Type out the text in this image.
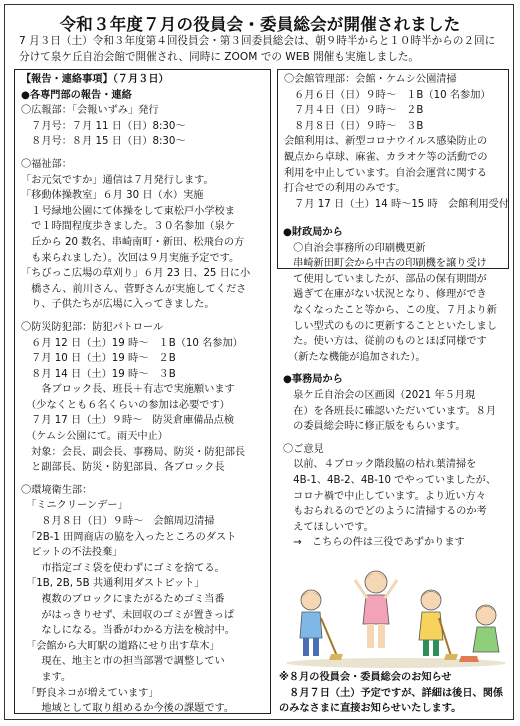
令和３年度７月の役員会・委員総会が開催されました
7 月３日（土）令和３年度第４回役員会・第３回委員総会は、朝９時半からと１０時半からの２回に
分けて泉ケ丘自治会館で開催され、同時に ZOOM での WEB 開催も実施しました。
【報告・連絡事項】（７月３日）
●各専門部の報告・連絡
〇広報部：「会報いずみ」発行
　７月号：７月 11 日（日）8:30～
　８月号：８月 15 日（日）8:30～
〇福祉部：
「お元気ですか」通信は７月発行します。
「移動体操教室」６月 30 日（水）実施
　１号緑地公園にて体操をして東松戸小学校ま
　で１時間程度歩きました。３０名参加（泉ケ
　丘から 20 数名、串崎南町・新田、松飛台の方
　も来られました）。次回は９月実施予定です。
「ちびっこ広場の草刈り」６月 23 日、25 日に小
　橋さん、前川さん、菅野さんが実施してくださ
　り、子供たちが広場に入ってきました。
〇防災防犯部：防犯パトロール
　６月 12 日（土）19 時～　１B（10 名参加）
　７月 10 日（土）19 時～　２B
　８月 14 日（土）19 時～　３B
　　各ブロック長、班長＋有志で実施願います
　（少なくとも６名くらいの参加は必要です）
　７月 17 日（土）９時～　防災倉庫備品点検
　（ケムシ公園にて。雨天中止）
　対象：会長、副会長、事務局、防災・防犯部長
　と副部長、防災・防犯部員、各ブロック長
〇環境衛生部：
　「ミニクリーンデー」
　　８月８日（日）９時～　会館周辺清掃
　「2B-1 田岡商店の脇を入ったところのダスト
　ピットの不法投棄」
　　市指定ゴミ袋を使わずにゴミを捨てる。
　「1B, 2B, 5B 共通利用ダストピット」
　　複数のブロックにまたがるためゴミ当番
　　がはっきりせず、未回収のゴミが置きっぱ
　　なしになる。当番がわかる方法を検討中。
　「会館から大町駅の道路にせり出す草木」
　　現在、地主と市の担当部署で調整してい
　　ます。
　「野良ネコが増えています」
　　地域として取り組めるか今後の課題です。
〇会館管理部：会館・ケムシ公園清掃
　６月６日（日）９時～　１B（10 名参加）
　７月４日（日）９時～　２B
　８月８日（日）９時～　３B
会館利用は、新型コロナウイルス感染防止の
観点から卓球、麻雀、カラオケ等の活動での
利用を中止しています。自治会運営に関する
打合せでの利用のみです。
　７月 17 日（土）14 時～15 時　会館利用受付
●財政局から
　〇自治会事務所の印刷機更新
　串崎新田町会から中古の印刷機を譲り受け
　て使用していましたが、部品の保有期間が
　過ぎて在庫がない状況となり、修理ができ
　なくなったこと等から、この度、７月より新
　しい型式のものに更新することといたしまし
　た。使い方は、従前のものとほぼ同様です
　（新たな機能が追加された）。
●事務局から
　泉ケ丘自治会の区画図（2021 年５月現
　在）を各班長に確認いただいています。８月
　の委員総会時に修正版をもらいます。
〇ご意見
　以前、４ブロック階段脇の枯れ葉清掃を
　4B-1、4B-2、4B-10 でやっていましたが、
　コロナ禍で中止しています。より近い方々
　もおられるのでどのように清掃するのか考
　えてほしいです。
　→　こちらの件は三役であずかります
※８月の役員会・委員総会のお知らせ
　８月７日（土）予定ですが、詳細は後日、関係
のみなさまに直接お知らせいたします。
